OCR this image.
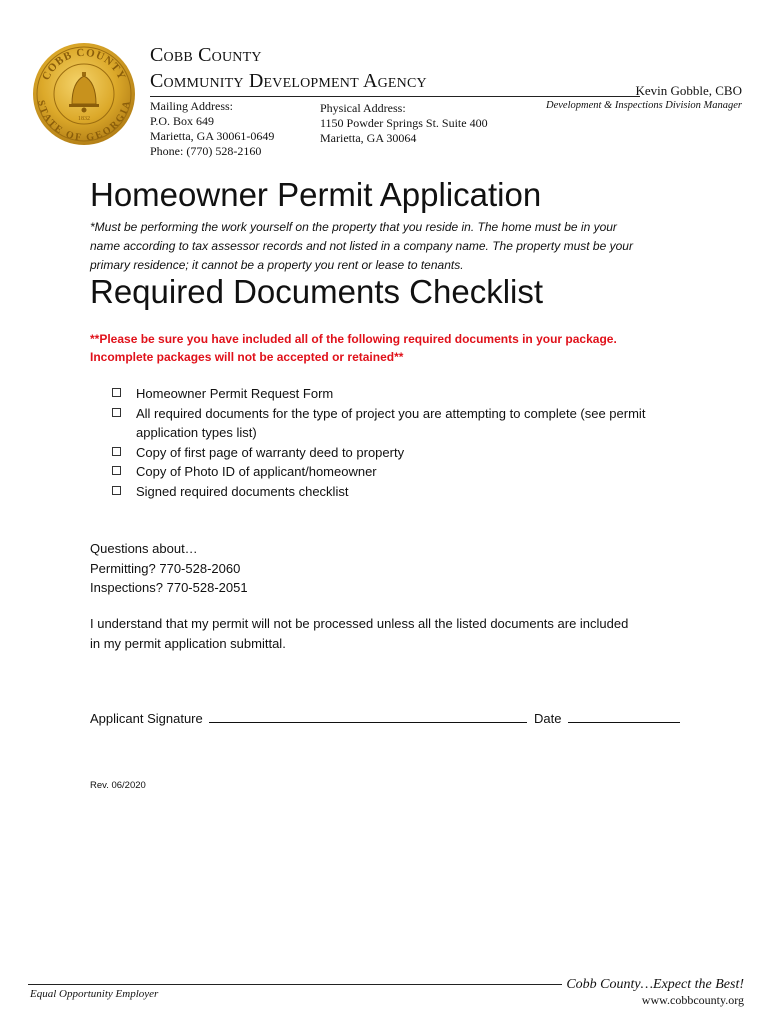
COBB COUNTY
STATE OF GEORGIA
1832
Cobb County
Community Development Agency	Kevin Gobble, CBO
Development & Inspections Division Manager
Mailing Address:
P.O. Box 649
Marietta, GA 30061-0649
Phone: (770) 528-2160
Physical Address:
1150 Powder Springs St. Suite 400
Marietta, GA 30064
Homeowner Permit Application
*Must be performing the work yourself on the property that you reside in. The home must be in your
name according to tax assessor records and not listed in a company name. The property must be your
primary residence; it cannot be a property you rent or lease to tenants.
Required Documents Checklist
**Please be sure you have included all of the following required documents in your package.
Incomplete packages will not be accepted or retained**
Homeowner Permit Request Form
All required documents for the type of project you are attempting to complete (see permit application types list)
Copy of first page of warranty deed to property
Copy of Photo ID of applicant/homeowner
Signed required documents checklist
Questions about…
Permitting? 770-528-2060
Inspections? 770-528-2051
I understand that my permit will not be processed unless all the listed documents are included
in my permit application submittal.
Applicant Signature	Date
Rev. 06/2020
Equal Opportunity Employer
Cobb County…Expect the Best!
www.cobbcounty.org
